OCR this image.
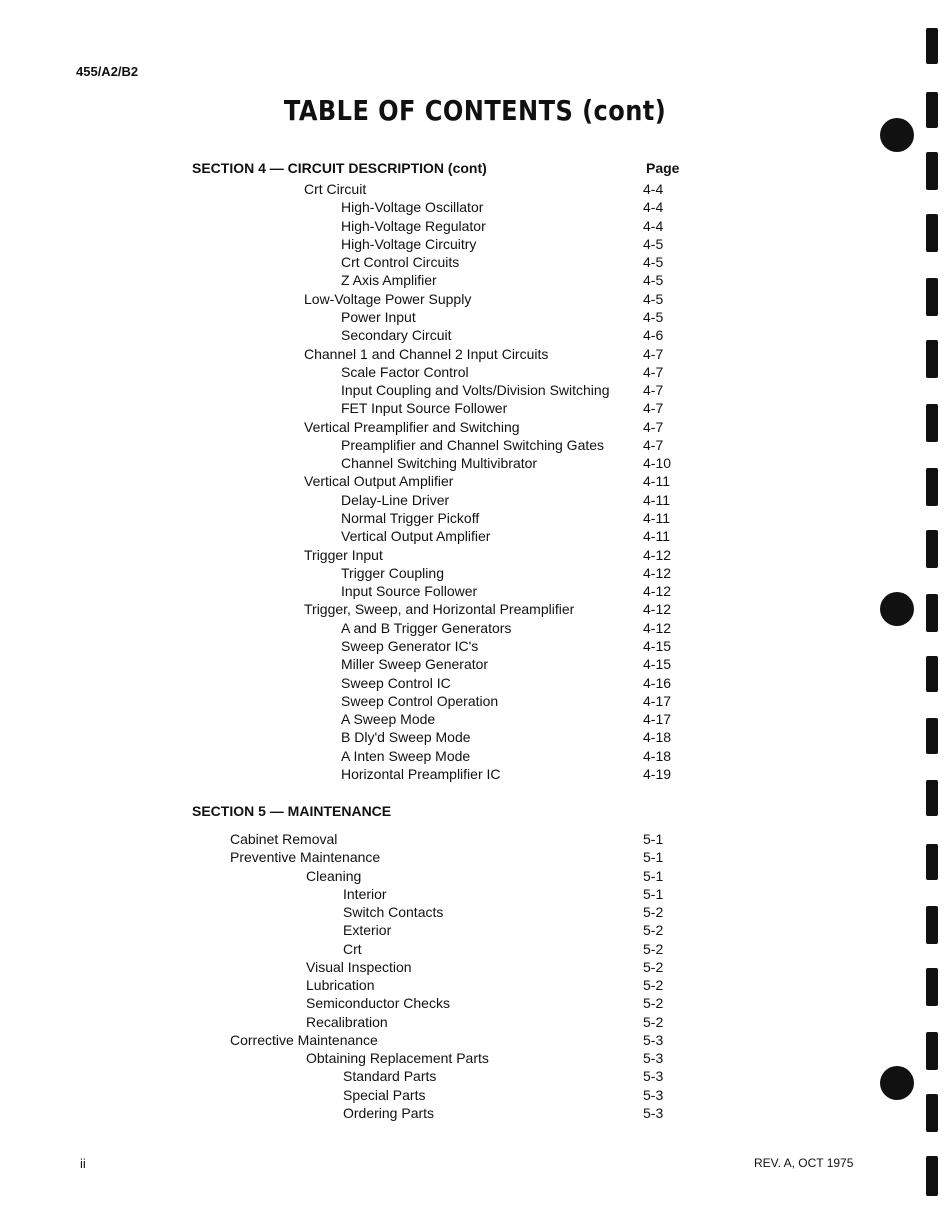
455/A2/B2
TABLE OF CONTENTS (cont)
SECTION 4 — CIRCUIT DESCRIPTION (cont)	Page
Crt Circuit	4-4
High-Voltage Oscillator	4-4
High-Voltage Regulator	4-4
High-Voltage Circuitry	4-5
Crt Control Circuits	4-5
Z Axis Amplifier	4-5
Low-Voltage Power Supply	4-5
Power Input	4-5
Secondary Circuit	4-6
Channel 1 and Channel 2 Input Circuits	4-7
Scale Factor Control	4-7
Input Coupling and Volts/Division Switching 4-7
FET Input Source Follower	4-7
Vertical Preamplifier and Switching	4-7
Preamplifier and Channel Switching Gates	4-7
Channel Switching Multivibrator	4-10
Vertical Output Amplifier	4-11
Delay-Line Driver	4-11
Normal Trigger Pickoff	4-11
Vertical Output Amplifier	4-11
Trigger Input	4-12
Trigger Coupling	4-12
Input Source Follower	4-12
Trigger, Sweep, and Horizontal Preamplifier	4-12
A and B Trigger Generators	4-12
Sweep Generator IC's	4-15
Miller Sweep Generator	4-15
Sweep Control IC	4-16
Sweep Control Operation	4-17
A Sweep Mode	4-17
B Dly'd Sweep Mode	4-18
A Inten Sweep Mode	4-18
Horizontal Preamplifier IC	4-19
SECTION 5 — MAINTENANCE
Cabinet Removal	5-1
Preventive Maintenance	5-1
Cleaning	5-1
Interior	5-1
Switch Contacts	5-2
Exterior	5-2
Crt	5-2
Visual Inspection	5-2
Lubrication	5-2
Semiconductor Checks	5-2
Recalibration	5-2
Corrective Maintenance	5-3
Obtaining Replacement Parts	5-3
Standard Parts	5-3
Special Parts	5-3
Ordering Parts	5-3
ii	REV. A, OCT 1975
